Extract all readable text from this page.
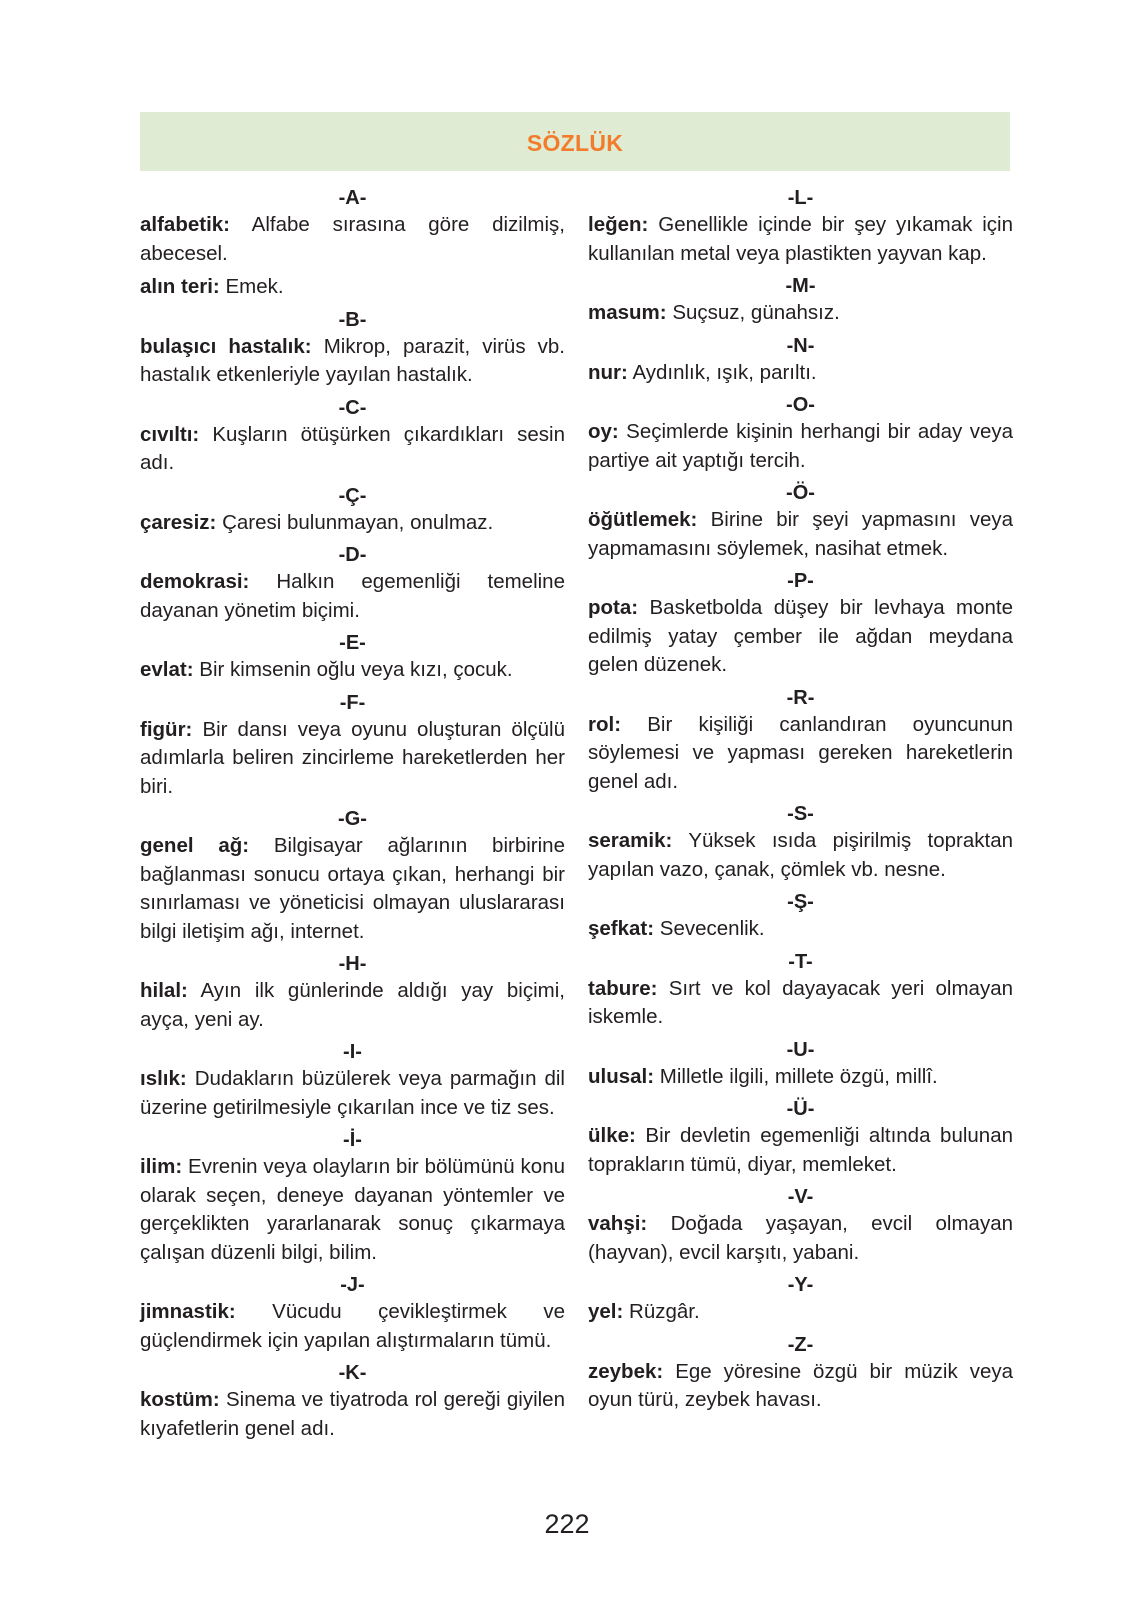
SÖZLÜK
-A-
alfabetik: Alfabe sırasına göre dizilmiş, abecesel.
alın teri: Emek.
-B-
bulaşıcı hastalık: Mikrop, parazit, virüs vb. hastalık etkenleriyle yayılan hastalık.
-C-
cıvıltı: Kuşların ötüşürken çıkardıkları sesin adı.
-Ç-
çaresiz: Çaresi bulunmayan, onulmaz.
-D-
demokrasi: Halkın egemenliği temeline dayanan yönetim biçimi.
-E-
evlat: Bir kimsenin oğlu veya kızı, çocuk.
-F-
figür: Bir dansı veya oyunu oluşturan ölçülü adımlarla beliren zincirleme hareketlerden her biri.
-G-
genel ağ: Bilgisayar ağlarının birbirine bağlanması sonucu ortaya çıkan, herhangi bir sınırlaması ve yöneticisi olmayan uluslararası bilgi iletişim ağı, internet.
-H-
hilal: Ayın ilk günlerinde aldığı yay biçimi, ayça, yeni ay.
-I-
ıslık: Dudakların büzülerek veya parmağın dil üzerine getirilmesiyle çıkarılan ince ve tiz ses.
-İ-
ilim: Evrenin veya olayların bir bölümünü konu olarak seçen, deneye dayanan yöntemler ve gerçeklikten yararlanarak sonuç çıkarmaya çalışan düzenli bilgi, bilim.
-J-
jimnastik: Vücudu çevikleştirmek ve güçlendirmek için yapılan alıştırmaların tümü.
-K-
kostüm: Sinema ve tiyatroda rol gereği giyilen kıyafetlerin genel adı.
-L-
leğen: Genellikle içinde bir şey yıkamak için kullanılan metal veya plastikten yayvan kap.
-M-
masum: Suçsuz, günahsız.
-N-
nur: Aydınlık, ışık, parıltı.
-O-
oy: Seçimlerde kişinin herhangi bir aday veya partiye ait yaptığı tercih.
-Ö-
öğütlemek: Birine bir şeyi yapmasını veya yapmamasını söylemek, nasihat etmek.
-P-
pota: Basketbolda düşey bir levhaya monte edilmiş yatay çember ile ağdan meydana gelen düzenek.
-R-
rol: Bir kişiliği canlandıran oyuncunun söylemesi ve yapması gereken hareketlerin genel adı.
-S-
seramik: Yüksek ısıda pişirilmiş topraktan yapılan vazo, çanak, çömlek vb. nesne.
-Ş-
şefkat: Sevecenlik.
-T-
tabure: Sırt ve kol dayayacak yeri olmayan iskemle.
-U-
ulusal: Milletle ilgili, millete özgü, millî.
-Ü-
ülke: Bir devletin egemenliği altında bulunan toprakların tümü, diyar, memleket.
-V-
vahşi: Doğada yaşayan, evcil olmayan (hayvan), evcil karşıtı, yabani.
-Y-
yel: Rüzgâr.
-Z-
zeybek: Ege yöresine özgü bir müzik veya oyun türü, zeybek havası.
222
